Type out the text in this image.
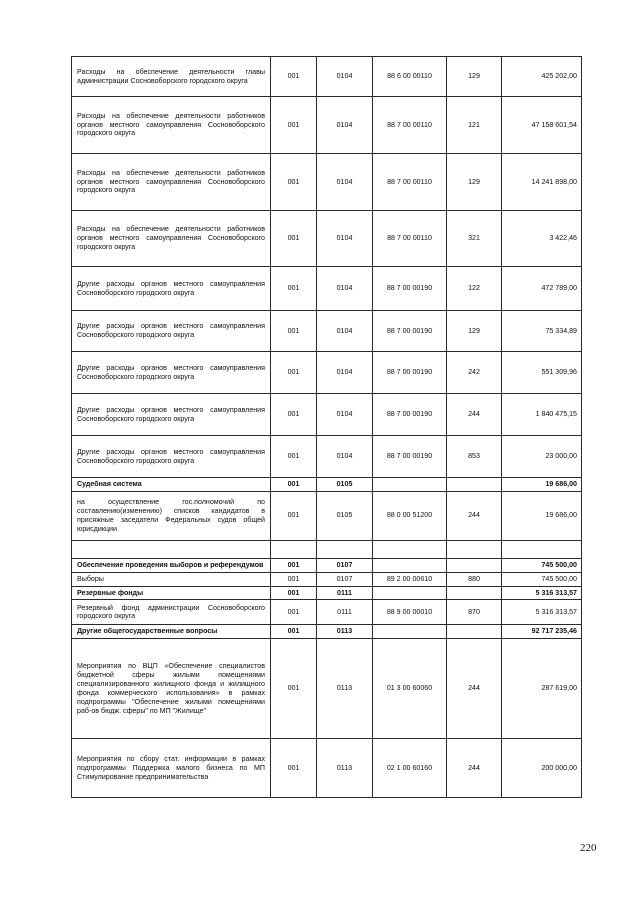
Расходы на обеспечение деятельности главы администрации Сосновоборского городского округа	001	0104	88 6 00 00110	129	425 202,00
Расходы на обеспечение деятельности работников органов местного самоуправления Сосновоборского городского округа	001	0104	88 7 00 00110	121	47 158 601,54
Расходы на обеспечение деятельности работников органов местного самоуправления Сосновоборского городского округа	001	0104	88 7 00 00110	129	14 241 898,00
Расходы на обеспечение деятельности работников органов местного самоуправления Сосновоборского городского округа	001	0104	88 7 00 00110	321	3 422,46
Другие расходы органов местного самоуправления Сосновоборского городского округа	001	0104	88 7 00 00190	122	472 789,00
Другие расходы органов местного самоуправления Сосновоборского городского округа	001	0104	88 7 00 00190	129	75 334,89
Другие расходы органов местного самоуправления Сосновоборского городского округа	001	0104	88 7 00 00190	242	551 309,96
Другие расходы органов местного самоуправления Сосновоборского городского округа	001	0104	88 7 00 00190	244	1 840 475,15
Другие расходы органов местного самоуправления Сосновоборского городского округа	001	0104	88 7 00 00190	853	23 000,00
Судебная система	001	0105			19 686,00
на осуществление гос.полномочий по составлению(изменению) списков кандидатов в присяжные заседатели Федеральных судов общей юрисдикции	001	0105	88 0 00 51200	244	19 686,00

Обеспечение проведения выборов и референдумов	001	0107			745 500,00
Выборы	001	0107	89 2 00 00610	880	745 500,00
Резервные фонды	001	0111			5 316 313,57
Резервный фонд администрации Сосновоборского городского округа	001	0111	88 9 00 00010	870	5 316 313,57
Другие общегосударственные вопросы	001	0113			92 717 235,46
Мероприятия по ВЦП «Обеспечение специалистов бюджетной сферы жилыми помещениями специализированного жилищного фонда и жилищного фонда коммерческого использования» в рамках подпрограммы "Обеспечение жилыми помещениями раб-ов бюдж. сферы" по МП "Жилище"	001	0113	01 3 00 60060	244	287 619,00
Мероприятия по сбору стат. информации в рамках подпрограммы Поддержка малого бизнеса по МП Стимулирование предпринимательства	001	0113	02 1 00 60160	244	200 000,00
220
